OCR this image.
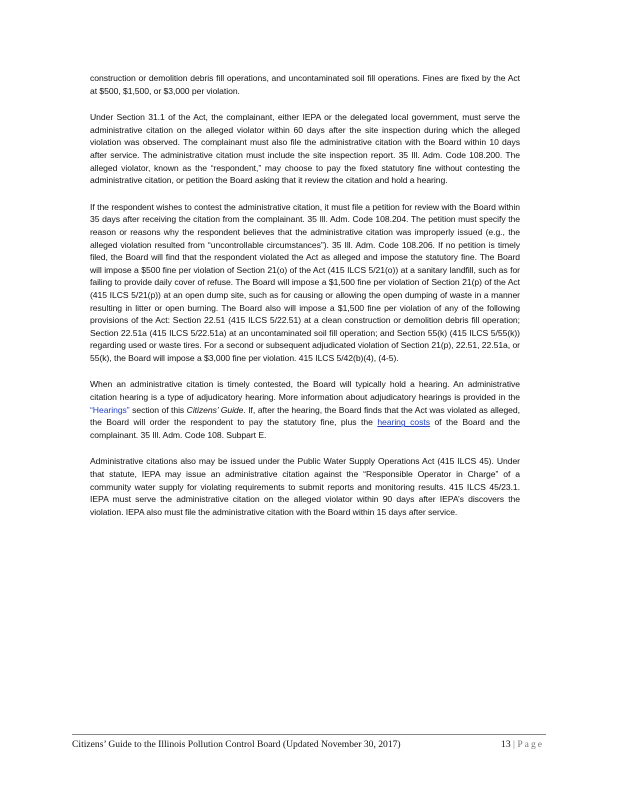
construction or demolition debris fill operations, and uncontaminated soil fill operations. Fines are fixed by the Act at $500, $1,500, or $3,000 per violation.

Under Section 31.1 of the Act, the complainant, either IEPA or the delegated local government, must serve the administrative citation on the alleged violator within 60 days after the site inspection during which the alleged violation was observed. The complainant must also file the administrative citation with the Board within 10 days after service. The administrative citation must include the site inspection report. 35 Ill. Adm. Code 108.200. The alleged violator, known as the “respondent,” may choose to pay the fixed statutory fine without contesting the administrative citation, or petition the Board asking that it review the citation and hold a hearing.

If the respondent wishes to contest the administrative citation, it must file a petition for review with the Board within 35 days after receiving the citation from the complainant. 35 Ill. Adm. Code 108.204. The petition must specify the reason or reasons why the respondent believes that the administrative citation was improperly issued (e.g., the alleged violation resulted from “uncontrollable circumstances”). 35 Ill. Adm. Code 108.206. If no petition is timely filed, the Board will find that the respondent violated the Act as alleged and impose the statutory fine. The Board will impose a $500 fine per violation of Section 21(o) of the Act (415 ILCS 5/21(o)) at a sanitary landfill, such as for failing to provide daily cover of refuse. The Board will impose a $1,500 fine per violation of Section 21(p) of the Act (415 ILCS 5/21(p)) at an open dump site, such as for causing or allowing the open dumping of waste in a manner resulting in litter or open burning. The Board also will impose a $1,500 fine per violation of any of the following provisions of the Act: Section 22.51 (415 ILCS 5/22.51) at a clean construction or demolition debris fill operation; Section 22.51a (415 ILCS 5/22.51a) at an uncontaminated soil fill operation; and Section 55(k) (415 ILCS 5/55(k)) regarding used or waste tires. For a second or subsequent adjudicated violation of Section 21(p), 22.51, 22.51a, or 55(k), the Board will impose a $3,000 fine per violation. 415 ILCS 5/42(b)(4), (4-5).

When an administrative citation is timely contested, the Board will typically hold a hearing. An administrative citation hearing is a type of adjudicatory hearing. More information about adjudicatory hearings is provided in the “Hearings” section of this Citizens’ Guide. If, after the hearing, the Board finds that the Act was violated as alleged, the Board will order the respondent to pay the statutory fine, plus the hearing costs of the Board and the complainant. 35 Ill. Adm. Code 108. Subpart E.

Administrative citations also may be issued under the Public Water Supply Operations Act (415 ILCS 45). Under that statute, IEPA may issue an administrative citation against the “Responsible Operator in Charge” of a community water supply for violating requirements to submit reports and monitoring results. 415 ILCS 45/23.1. IEPA must serve the administrative citation on the alleged violator within 90 days after IEPA’s discovers the violation. IEPA also must file the administrative citation with the Board within 15 days after service.

Citizens’ Guide to the Illinois Pollution Control Board (Updated November 30, 2017)	13 | Page
